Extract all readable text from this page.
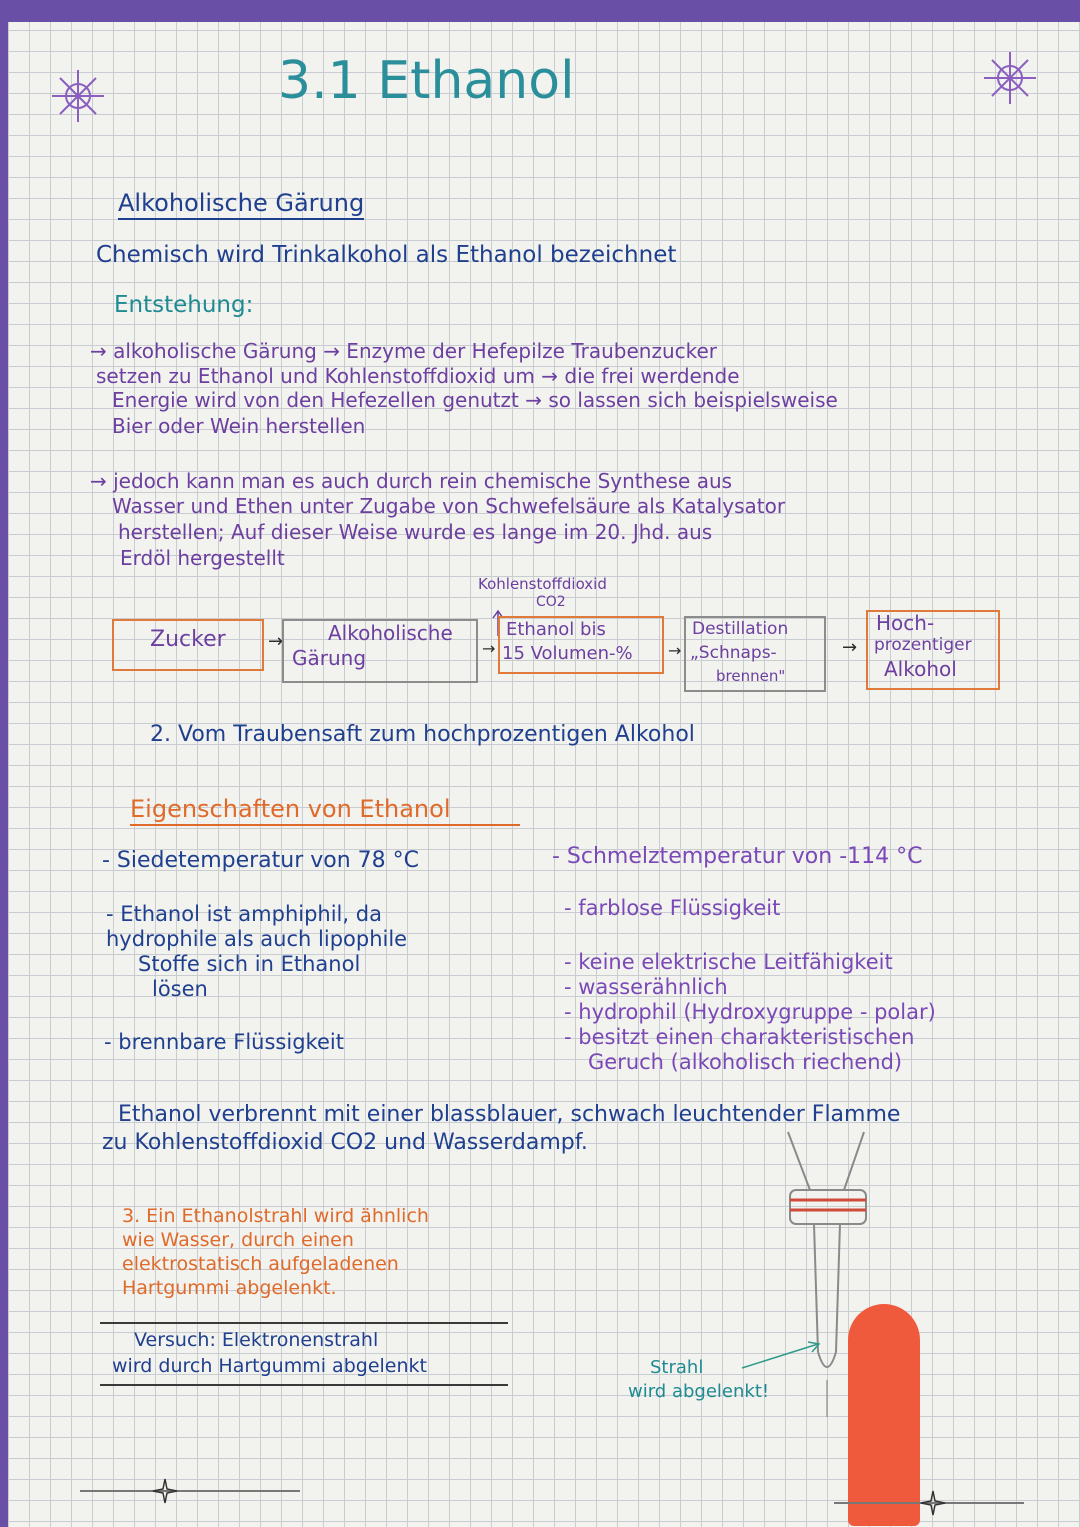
3.1 Ethanol
Alkoholische Gärung
Chemisch wird Trinkalkohol als Ethanol bezeichnet
Entstehung:
→ alkoholische Gärung → Enzyme der Hefepilze Traubenzucker
setzen zu Ethanol und Kohlenstoffdioxid um → die frei werdende
Energie wird von den Hefezellen genutzt → so lassen sich beispielsweise
Bier oder Wein herstellen
→ jedoch kann man es auch durch rein chemische Synthese aus
Wasser und Ethen unter Zugabe von Schwefelsäure als Katalysator
herstellen; Auf dieser Weise wurde es lange im 20. Jhd. aus
Erdöl hergestellt
Kohlenstoffdioxid
CO2
Zucker → Alkoholische
Gärung	→
Ethanol bis
15 Volumen-% →
Destillation
„Schnaps-
brennen"
→
Hoch-
prozentiger
Alkohol
2. Vom Traubensaft zum hochprozentigen Alkohol
Eigenschaften von Ethanol
- Siedetemperatur von 78 °C
- Ethanol ist amphiphil, da
hydrophile als auch lipophile
Stoffe sich in Ethanol
lösen
- brennbare Flüssigkeit
- Schmelztemperatur von -114 °C
- farblose Flüssigkeit
- keine elektrische Leitfähigkeit
- wasserähnlich
- hydrophil (Hydroxygruppe - polar)
- besitzt einen charakteristischen
Geruch (alkoholisch riechend)
Ethanol verbrennt mit einer blassblauer, schwach leuchtender Flamme
zu Kohlenstoffdioxid CO2 und Wasserdampf.
3. Ein Ethanolstrahl wird ähnlich
wie Wasser, durch einen
elektrostatisch aufgeladenen
Hartgummi abgelenkt.
Versuch: Elektronenstrahl
wird durch Hartgummi abgelenkt	Strahl
wird abgelenkt!
